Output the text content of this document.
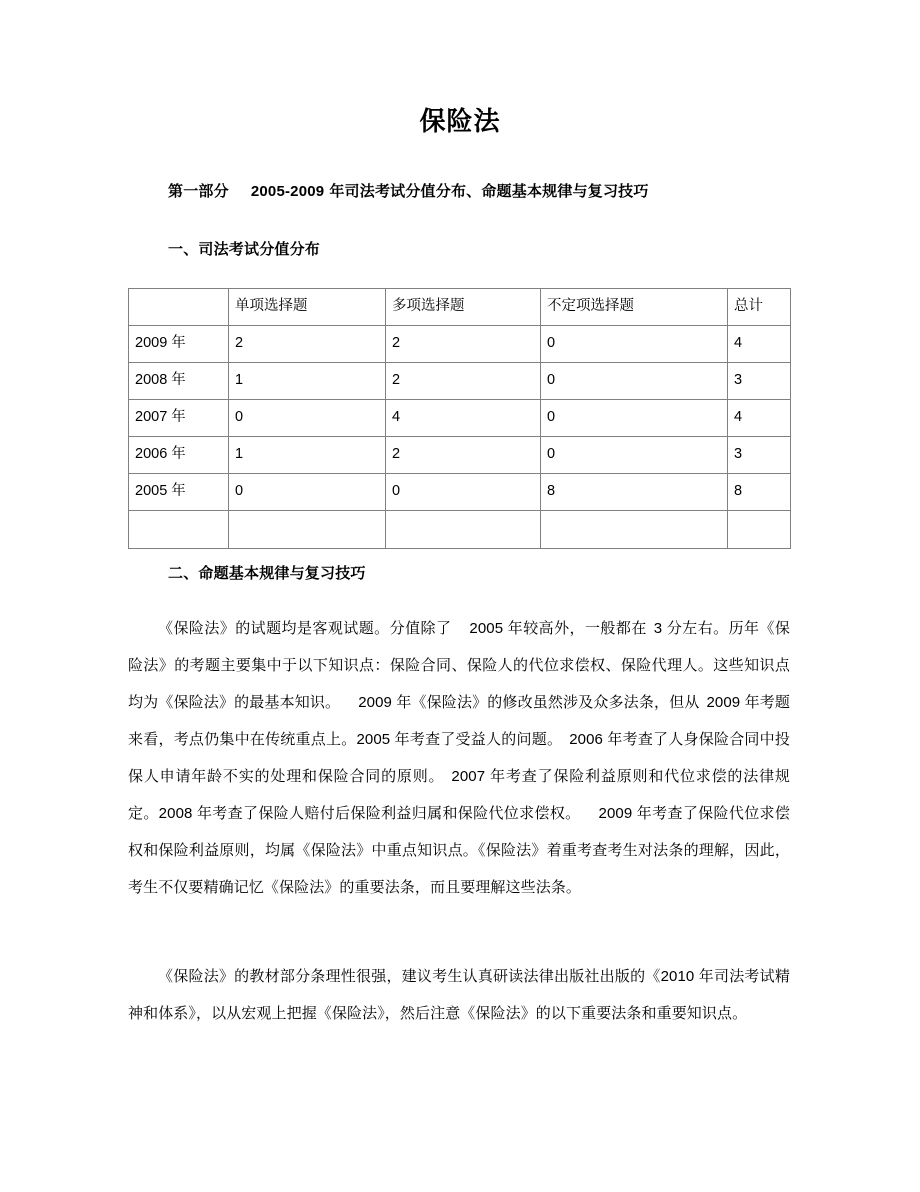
保险法
第一部分 2005-2009 年司法考试分值分布、命题基本规律与复习技巧
一、司法考试分值分布
	单项选择题	多项选择题	不定项选择题	总计
2009 年	2	2	0	4
2008 年	1	2	0	3
2007 年	0	4	0	4
2006 年	1	2	0	3
2005 年	0	0	8	8

二、命题基本规律与复习技巧

《保险法》的试题均是客观试题。分值除了 2005 年较高外，一般都在 3 分左右。历年《保险法》的考题主要集中于以下知识点：保险合同、保险人的代位求偿权、保险代理人。这些知识点均为《保险法》的最基本知识。 2009 年《保险法》的修改虽然涉及众多法条，但从 2009 年考题来看，考点仍集中在传统重点上。2005 年考查了受益人的问题。 2006 年考查了人身保险合同中投保人申请年龄不实的处理和保险合同的原则。 2007 年考查了保险利益原则和代位求偿的法律规定。2008 年考查了保险人赔付后保险利益归属和保险代位求偿权。 2009 年考查了保险代位求偿权和保险利益原则，均属《保险法》中重点知识点。《保险法》着重考查考生对法条的理解，因此，考生不仅要精确记忆《保险法》的重要法条，而且要理解这些法条。

《保险法》的教材部分条理性很强，建议考生认真研读法律出版社出版的《2010 年司法考试精神和体系》，以从宏观上把握《保险法》，然后注意《保险法》的以下重要法条和重要知识点。
